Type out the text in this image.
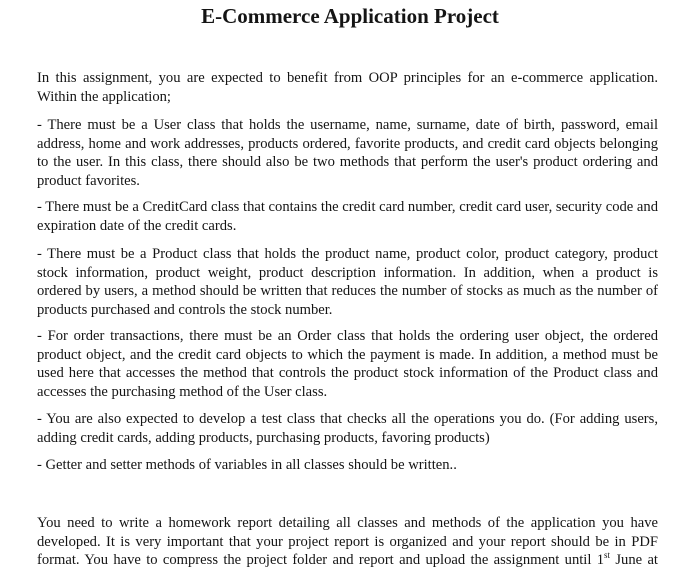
E-Commerce Application Project

In this assignment, you are expected to benefit from OOP principles for an e-commerce application. Within the application;

- There must be a User class that holds the username, name, surname, date of birth, password, email address, home and work addresses, products ordered, favorite products, and credit card objects belonging to the user. In this class, there should also be two methods that perform the user's product ordering and product favorites.

- There must be a CreditCard class that contains the credit card number, credit card user, security code and expiration date of the credit cards.

- There must be a Product class that holds the product name, product color, product category, product stock information, product weight, product description information. In addition, when a product is ordered by users, a method should be written that reduces the number of stocks as much as the number of products purchased and controls the stock number.

- For order transactions, there must be an Order class that holds the ordering user object, the ordered product object, and the credit card objects to which the payment is made. In addition, a method must be used here that accesses the method that controls the product stock information of the Product class and accesses the purchasing method of the User class.

- You are also expected to develop a test class that checks all the operations you do. (For adding users, adding credit cards, adding products, purchasing products, favoring products)

- Getter and setter methods of variables in all classes should be written..

You need to write a homework report detailing all classes and methods of the application you have
developed. It is very important that your project report is organized and your report should be in PDF
format. You have to compress the project folder and report and upload the assignment until 1st June at
